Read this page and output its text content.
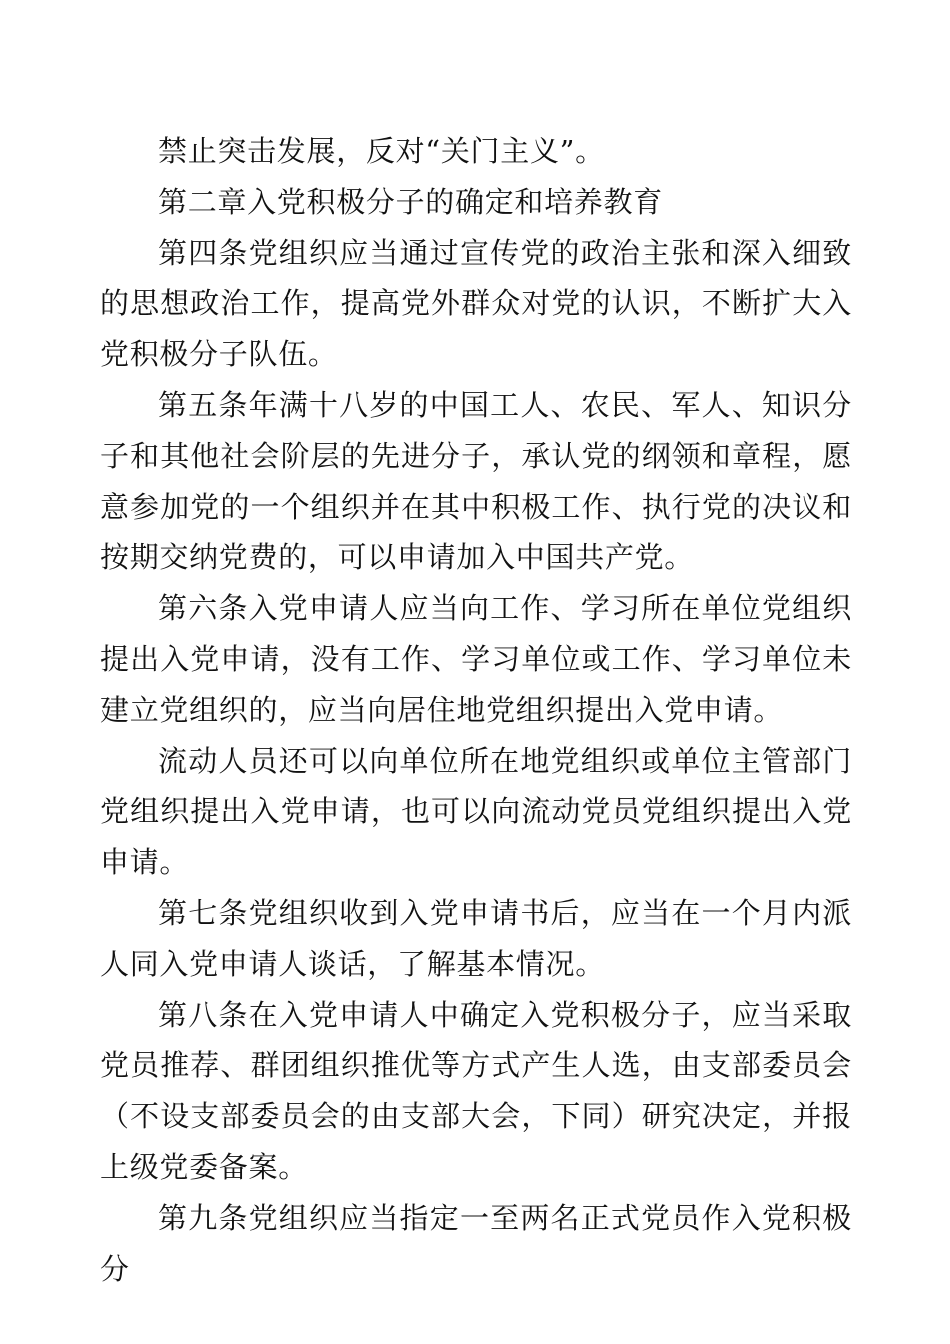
禁止突击发展，反对“关门主义”。

第二章入党积极分子的确定和培养教育

第四条党组织应当通过宣传党的政治主张和深入细致的思想政治工作，提高党外群众对党的认识，不断扩大入党积极分子队伍。

第五条年满十八岁的中国工人、农民、军人、知识分子和其他社会阶层的先进分子，承认党的纲领和章程，愿意参加党的一个组织并在其中积极工作、执行党的决议和按期交纳党费的，可以申请加入中国共产党。

第六条入党申请人应当向工作、学习所在单位党组织提出入党申请，没有工作、学习单位或工作、学习单位未建立党组织的，应当向居住地党组织提出入党申请。

流动人员还可以向单位所在地党组织或单位主管部门党组织提出入党申请，也可以向流动党员党组织提出入党申请。

第七条党组织收到入党申请书后，应当在一个月内派人同入党申请人谈话，了解基本情况。

第八条在入党申请人中确定入党积极分子，应当采取党员推荐、群团组织推优等方式产生人选，由支部委员会（不设支部委员会的由支部大会，下同）研究决定，并报上级党委备案。

第九条党组织应当指定一至两名正式党员作入党积极分
